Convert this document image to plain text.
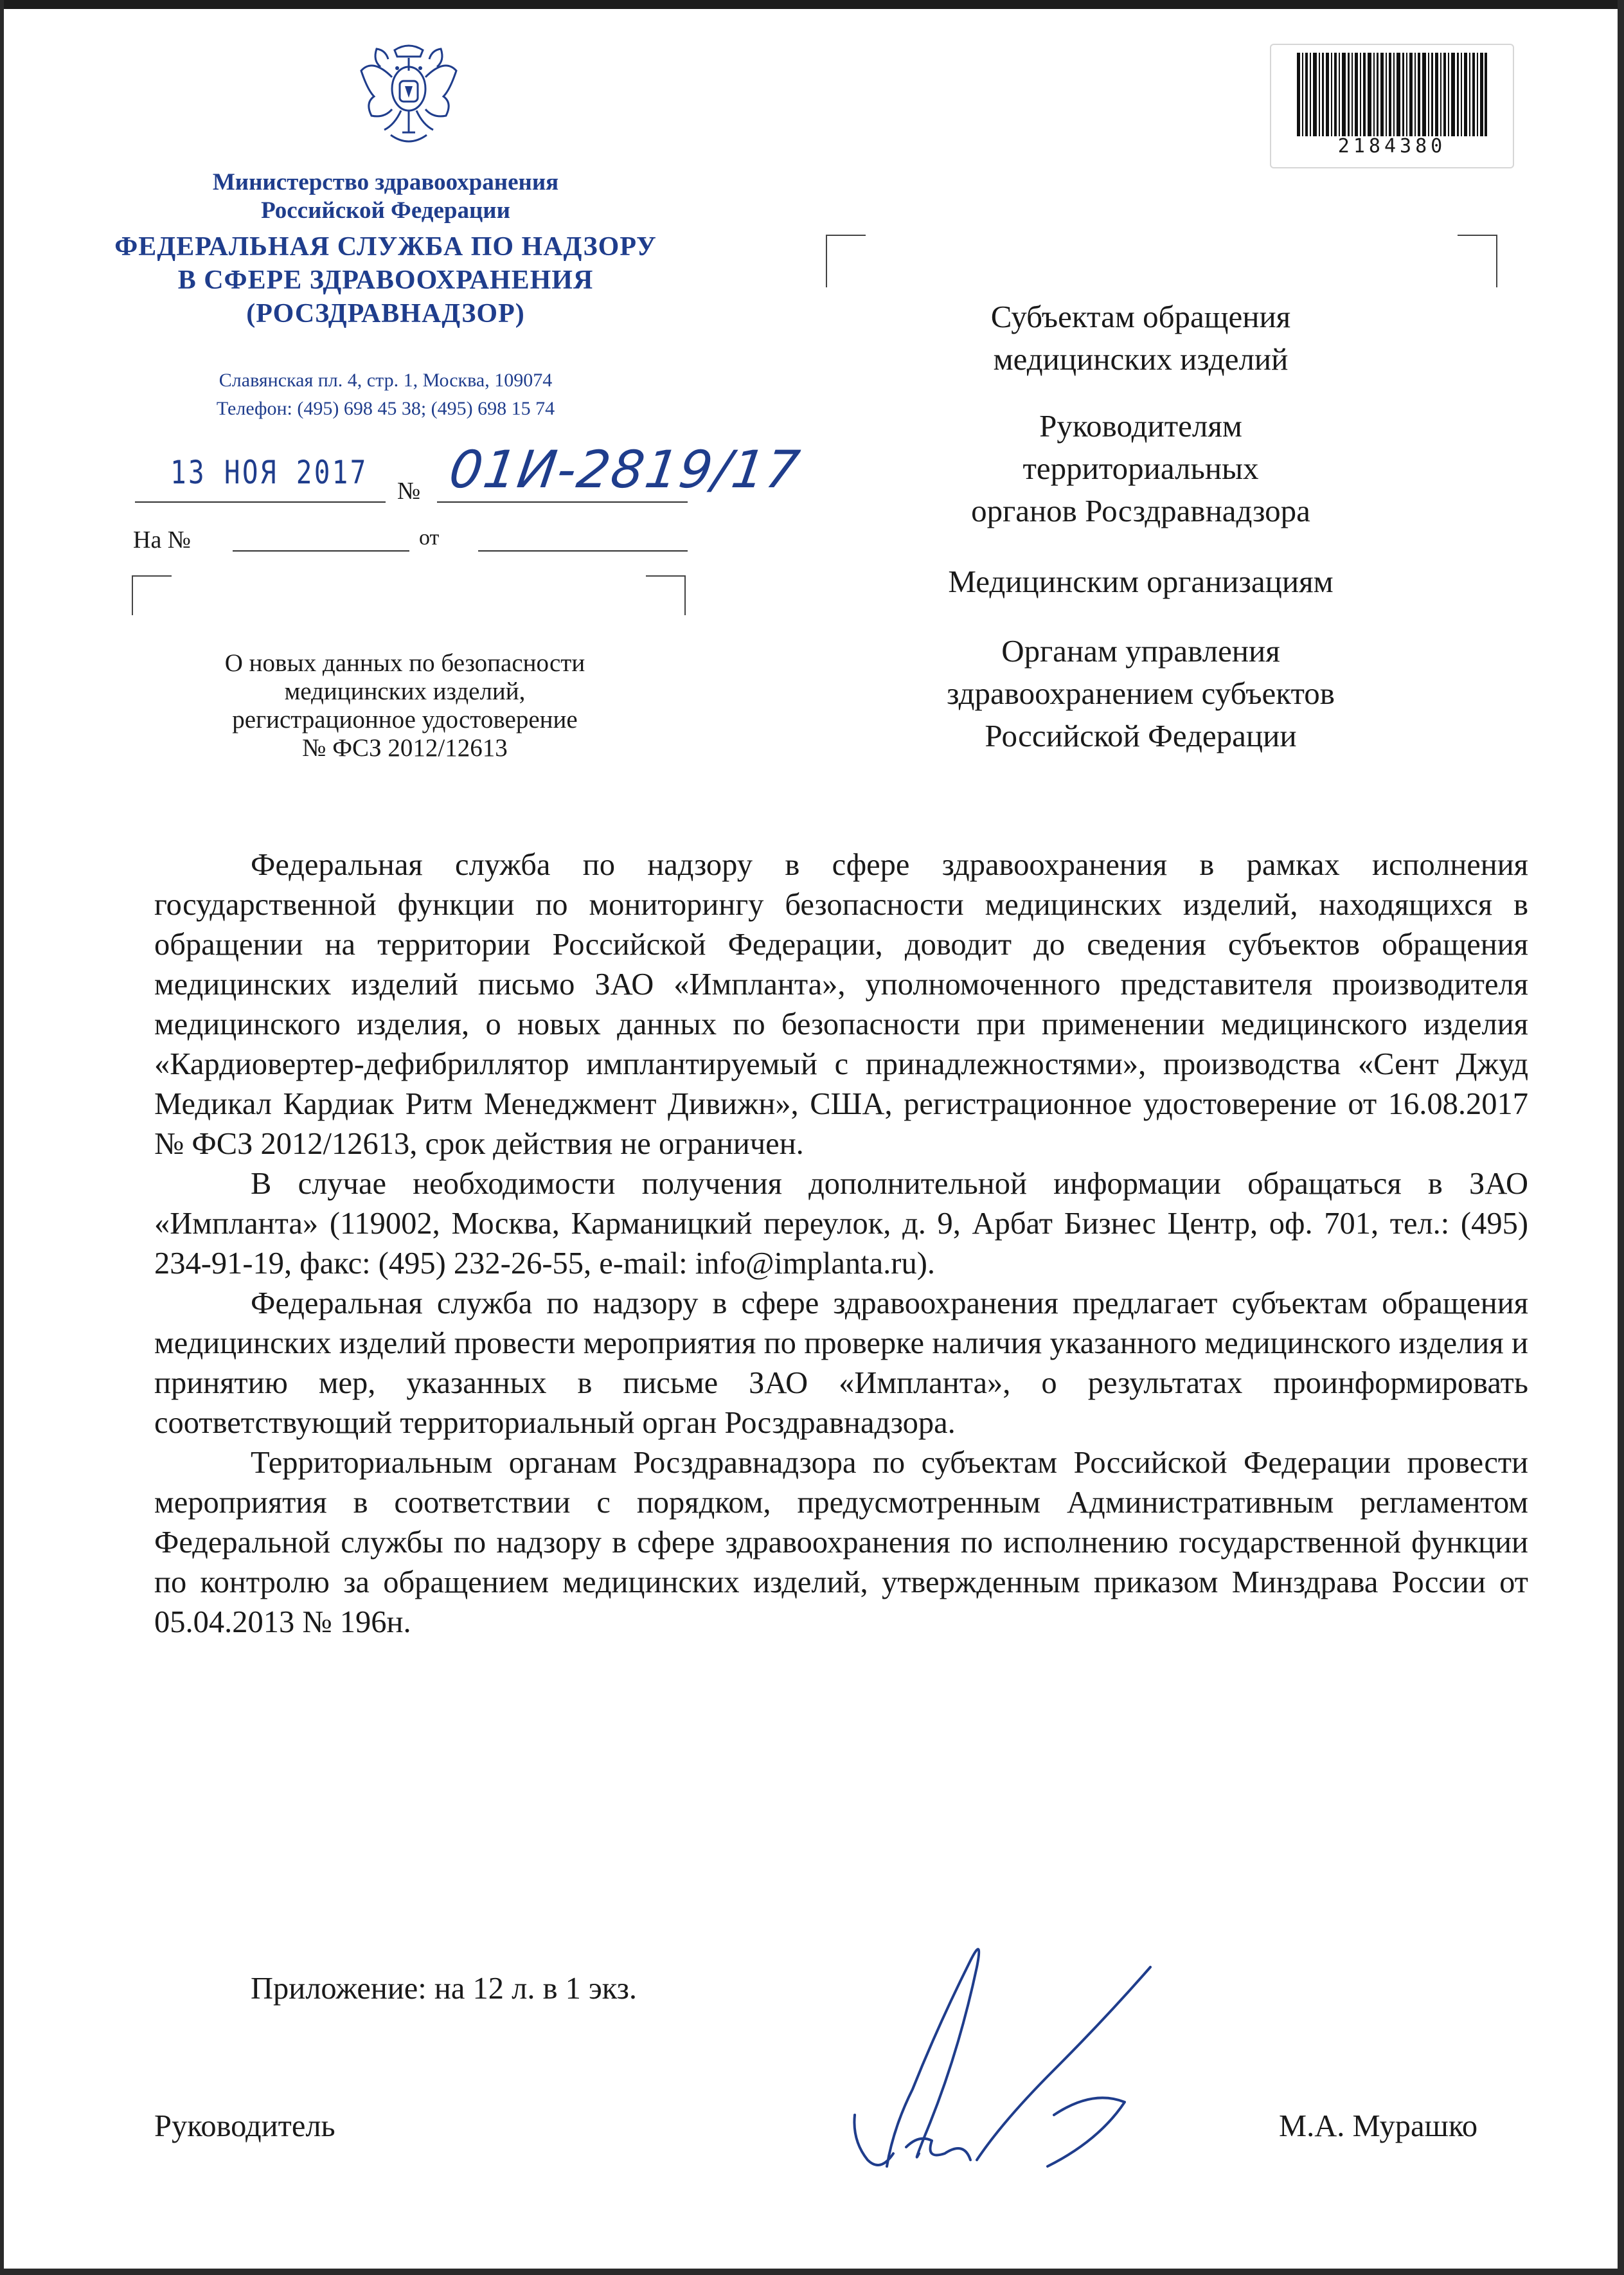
Министерство здравоохранения
Российской Федерации
ФЕДЕРАЛЬНАЯ СЛУЖБА ПО НАДЗОРУ
В СФЕРЕ ЗДРАВООХРАНЕНИЯ
(РОСЗДРАВНАДЗОР)
Славянская пл. 4, стр. 1, Москва, 109074
Телефон: (495) 698 45 38; (495) 698 15 74
13 НОЯ 2017 № 01И-2819/17
На №	от
О новых данных по безопасности
медицинских изделий,
регистрационное удостоверение
№ ФСЗ 2012/12613
2184380
Субъектам обращения
медицинских изделий
Руководителям
территориальных
органов Росздравнадзора
Медицинским организациям
Органам управления
здравоохранением субъектов
Российской Федерации

Федеральная служба по надзору в сфере здравоохранения в рамках исполнения государственной функции по мониторингу безопасности медицинских изделий, находящихся в обращении на территории Российской Федерации, доводит до сведения субъектов обращения медицинских изделий письмо ЗАО «Импланта», уполномоченного представителя производителя медицинского изделия, о новых данных по безопасности при применении медицинского изделия «Кардиовертер-дефибриллятор имплантируемый с принадлежностями», производства «Сент Джуд Медикал Кардиак Ритм Менеджмент Дивижн», США, регистрационное удостоверение от 16.08.2017 № ФСЗ 2012/12613, срок действия не ограничен.

В случае необходимости получения дополнительной информации обращаться в ЗАО «Импланта» (119002, Москва, Карманицкий переулок, д. 9, Арбат Бизнес Центр, оф. 701, тел.: (495) 234-91-19, факс: (495) 232-26-55, e-mail: info@implanta.ru).

Федеральная служба по надзору в сфере здравоохранения предлагает субъектам обращения медицинских изделий провести мероприятия по проверке наличия указанного медицинского изделия и принятию мер, указанных в письме ЗАО «Импланта», о результатах проинформировать соответствующий территориальный орган Росздравнадзора.

Территориальным органам Росздравнадзора по субъектам Российской Федерации провести мероприятия в соответствии с порядком, предусмотренным Административным регламентом Федеральной службы по надзору в сфере здравоохранения по исполнению государственной функции по контролю за обращением медицинских изделий, утвержденным приказом Минздрава России от 05.04.2013 № 196н.

Приложение: на 12 л. в 1 экз.
Руководитель	М.А. Мурашко
